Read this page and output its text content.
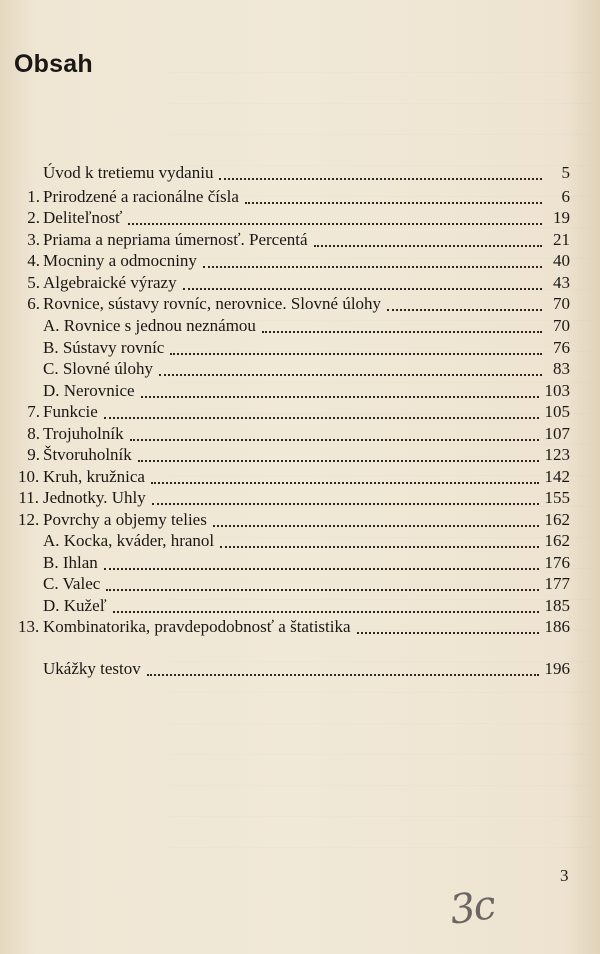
Obsah
Úvod k tretiemu vydaniu	5
1. Prirodzené a racionálne čísla	6
2. Deliteľnosť	19
3. Priama a nepriama úmernosť. Percentá	21
4. Mocniny a odmocniny	40
5. Algebraické výrazy	43
6. Rovnice, sústavy rovníc, nerovnice. Slovné úlohy	70
A. Rovnice s jednou neznámou	70
B. Sústavy rovníc	76
C. Slovné úlohy	83
D. Nerovnice	103
7. Funkcie	105
8. Trojuholník	107
9. Štvoruholník	123
10. Kruh, kružnica	142
11. Jednotky. Uhly	155
12. Povrchy a objemy telies	162
A. Kocka, kváder, hranol	162
B. Ihlan	176
C. Valec	177
D. Kužeľ	185
13. Kombinatorika, pravdepodobnosť a štatistika	186
Ukážky testov	196
3
3c
